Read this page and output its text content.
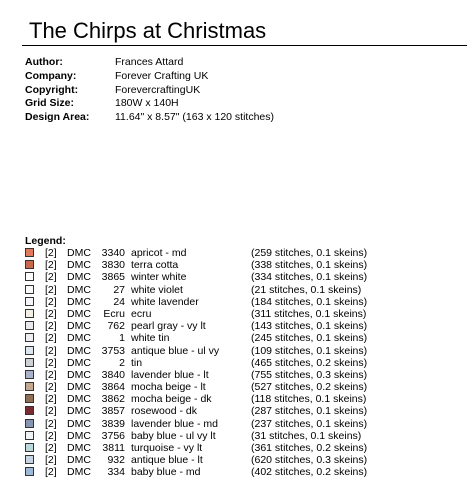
The Chirps at Christmas
Author:	Frances Attard
Company:	Forever Crafting UK
Copyright:	ForevercraftingUK
Grid Size:	180W x 140H
Design Area:	11.64" x 8.57" (163 x 120 stitches)
Legend:
[2] DMC 3340 apricot - md	(259 stitches, 0.1 skeins)
[2] DMC 3830 terra cotta	(338 stitches, 0.1 skeins)
[2] DMC 3865 winter white	(334 stitches, 0.1 skeins)
[2] DMC	27 white violet	(21 stitches, 0.1 skeins)
[2] DMC	24 white lavender	(184 stitches, 0.1 skeins)
[2] DMC Ecru ecru	(311 stitches, 0.1 skeins)
[2] DMC	762 pearl gray - vy lt	(143 stitches, 0.1 skeins)
[2] DMC	1 white tin	(245 stitches, 0.1 skeins)
[2] DMC 3753 antique blue - ul vy	(109 stitches, 0.1 skeins)
[2] DMC	2 tin	(465 stitches, 0.2 skeins)
[2] DMC 3840 lavender blue - lt	(755 stitches, 0.3 skeins)
[2] DMC 3864 mocha beige - lt	(527 stitches, 0.2 skeins)
[2] DMC 3862 mocha beige - dk	(118 stitches, 0.1 skeins)
[2] DMC 3857 rosewood - dk	(287 stitches, 0.1 skeins)
[2] DMC 3839 lavender blue - md	(237 stitches, 0.1 skeins)
[2] DMC 3756 baby blue - ul vy lt	(31 stitches, 0.1 skeins)
[2] DMC 3811 turquoise - vy lt	(361 stitches, 0.2 skeins)
[2] DMC	932 antique blue - lt	(620 stitches, 0.3 skeins)
[2] DMC	334 baby blue - md	(402 stitches, 0.2 skeins)
